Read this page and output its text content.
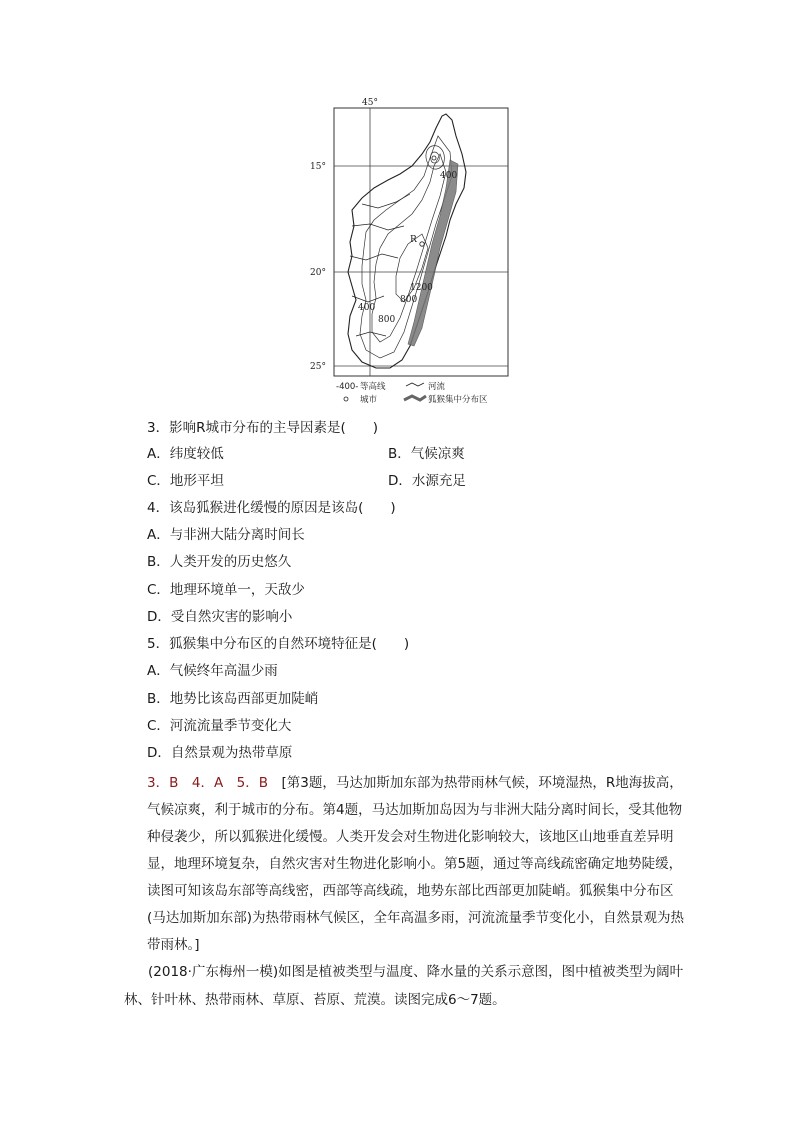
45°
15°
20°
25°
400
800
1200
400
800
R
-400- 等高线
城市
河流
狐猴集中分布区
3．影响R城市分布的主导因素是(　　)
A．纬度较低	B．气候凉爽
C．地形平坦	D．水源充足
4．该岛狐猴进化缓慢的原因是该岛(　　)
A．与非洲大陆分离时间长
B．人类开发的历史悠久
C．地理环境单一，天敌少
D．受自然灾害的影响小
5．狐猴集中分布区的自然环境特征是(　　)
A．气候终年高温少雨
B．地势比该岛西部更加陡峭
C．河流流量季节变化大
D．自然景观为热带草原
3．B　4．A　5．B　 [第3题，马达加斯加东部为热带雨林气候，环境湿热，R地海拔高，
气候凉爽，利于城市的分布。第4题，马达加斯加岛因为与非洲大陆分离时间长，受其他物种侵袭少，所以狐猴进化缓慢。人类开发会对生物进化影响较大，该地区山地垂直差异明显，地理环境复杂，自然灾害对生物进化影响小。第5题，通过等高线疏密确定地势陡缓，读图可知该岛东部等高线密，西部等高线疏，地势东部比西部更加陡峭。狐猴集中分布区(马达加斯加东部)为热带雨林气候区，全年高温多雨，河流流量季节变化小，自然景观为热带雨林。]
(2018·广东梅州一模)如图是植被类型与温度、降水量的关系示意图，图中植被类型为阔叶林、针叶林、热带雨林、草原、苔原、荒漠。读图完成6～7题。
